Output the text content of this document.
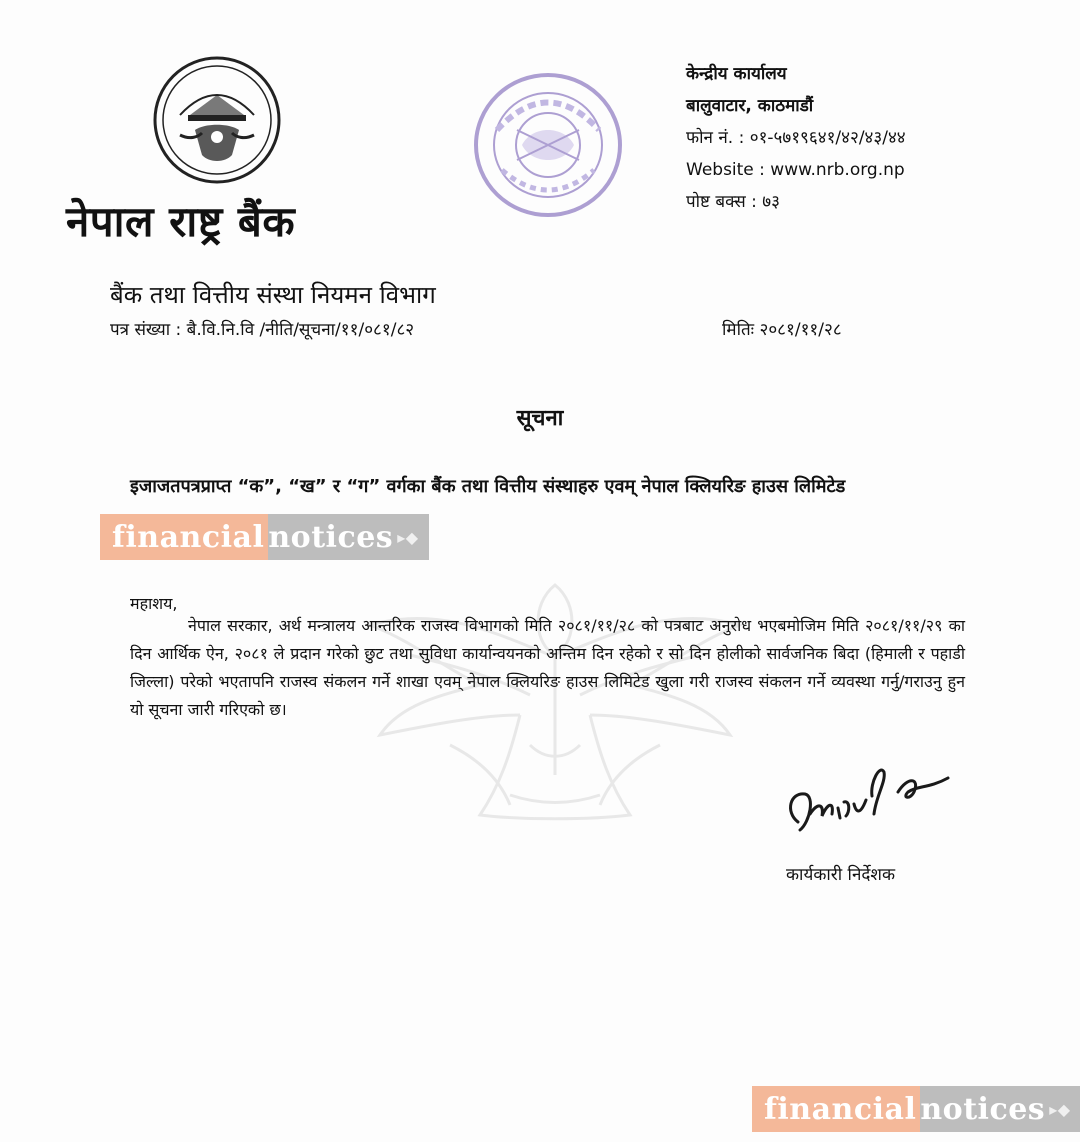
नेपाल राष्ट्र बैंक
केन्द्रीय कार्यालय
बालुवाटार, काठमाडौं
फोन नं. : ०१-५७१९६४१/४२/४३/४४
Website : www.nrb.org.np
पोष्ट बक्स : ७३
बैंक तथा वित्तीय संस्था नियमन विभाग
पत्र संख्या : बै.वि.नि.वि /नीति/सूचना/११/०८१/८२	मितिः २०८१/११/२८
सूचना
इजाजतपत्रप्राप्त “क”, “ख” र “ग” वर्गका बैंक तथा वित्तीय संस्थाहरु एवम् नेपाल क्लियरिङ हाउस लिमिटेड
महाशय,
नेपाल सरकार, अर्थ मन्त्रालय आन्तरिक राजस्व विभागको मिति २०८१/११/२८ को पत्रबाट अनुरोध भएबमोजिम मिति २०८१/११/२९ का दिन आर्थिक ऐन, २०८१ ले प्रदान गरेको छुट तथा सुविधा कार्यान्वयनको अन्तिम दिन रहेको र सो दिन होलीको सार्वजनिक बिदा (हिमाली र पहाडी जिल्ला) परेको भएतापनि राजस्व संकलन गर्ने शाखा एवम् नेपाल क्लियरिङ हाउस लिमिटेड खुला गरी राजस्व संकलन गर्ने व्यवस्था गर्नु/गराउनु हुन यो सूचना जारी गरिएको छ।
कार्यकारी निर्देशक
financial notices ▸◆
financial notices ▸◆
